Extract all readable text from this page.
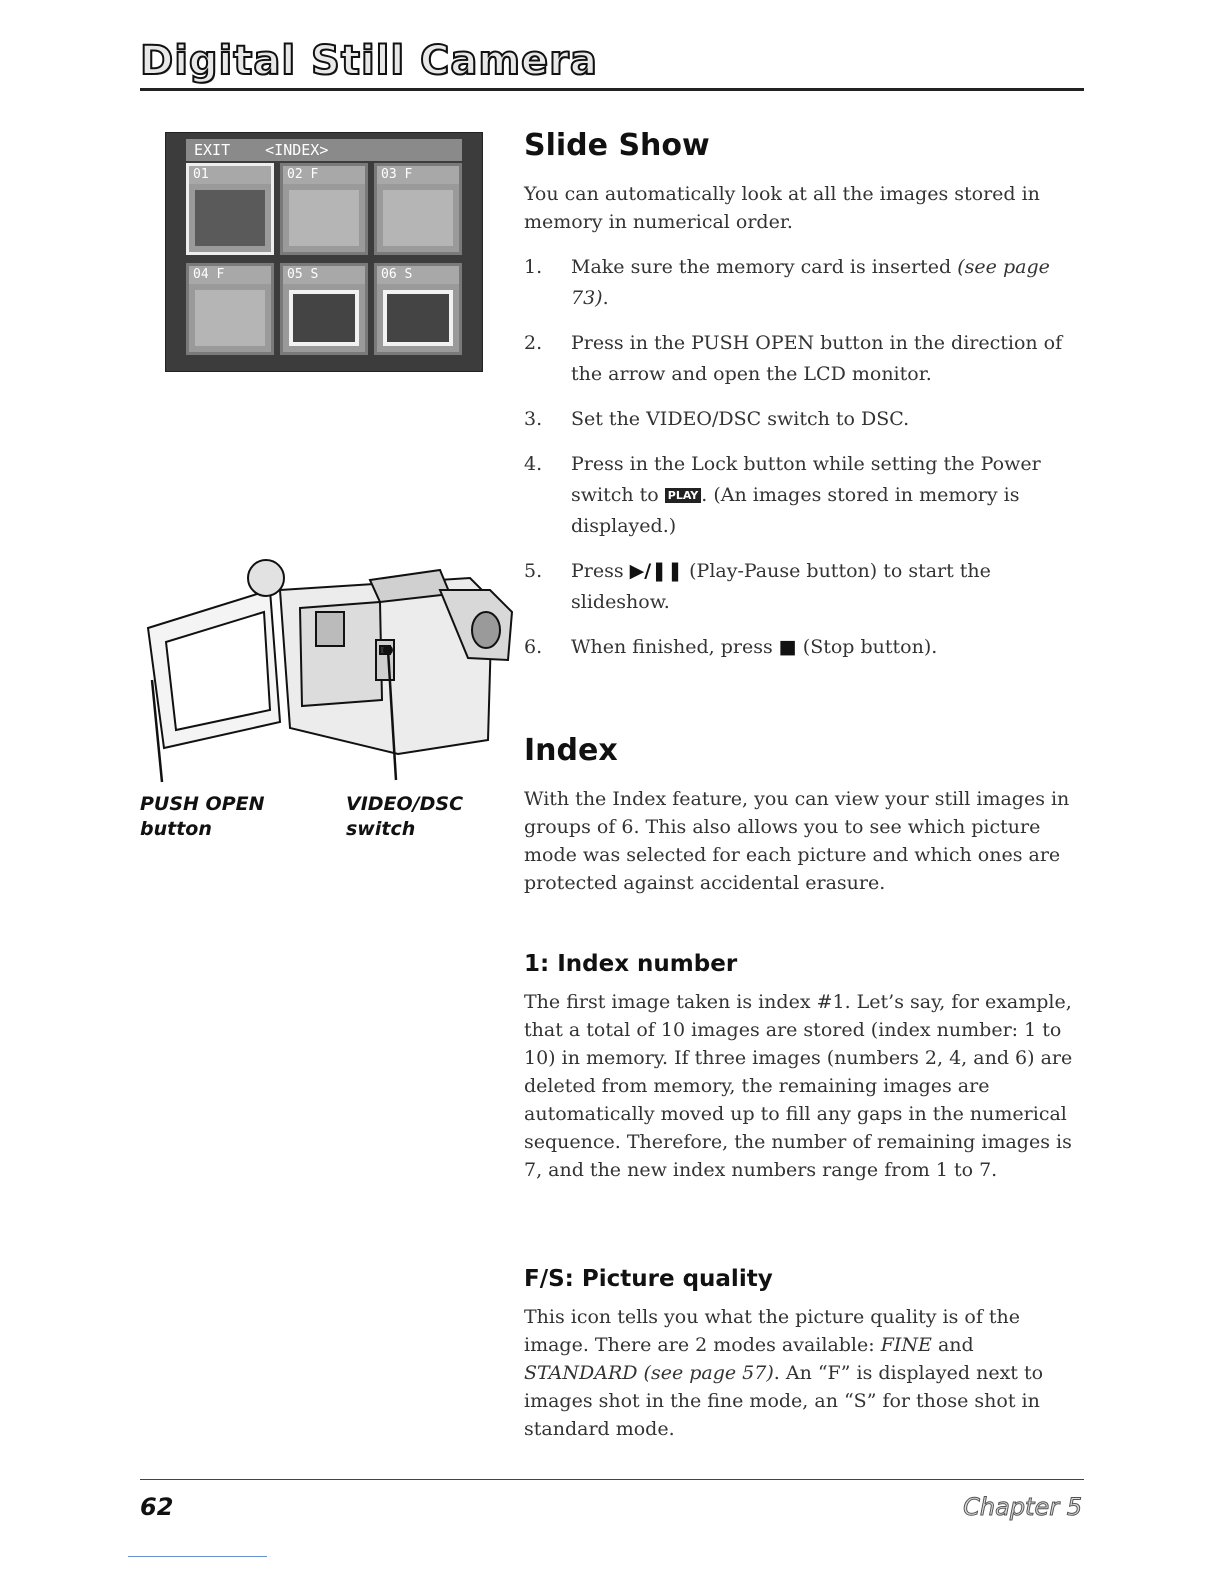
Digital Still Camera
EXIT <INDEX>
01	02 F	03 F
04 F	05 S	06 S
PUSH OPEN
button
VIDEO/DSC
switch
Slide Show

You can automatically look at all the images stored in memory in numerical order.

1. Make sure the memory card is inserted (see page 73).
2. Press in the PUSH OPEN button in the direction of the arrow and open the LCD monitor.
3. Set the VIDEO/DSC switch to DSC.
4. Press in the Lock button while setting the Power switch to PLAY . (An images stored in memory is displayed.)
5. Press ▶/❚❚ (Play-Pause button) to start the slideshow.
6. When finished, press ■ (Stop button).
Index

With the Index feature, you can view your still images in groups of 6. This also allows you to see which picture mode was selected for each picture and which ones are protected against accidental erasure.

1: Index number

The first image taken is index #1. Let’s say, for example, that a total of 10 images are stored (index number: 1 to 10) in memory. If three images (numbers 2, 4, and 6) are deleted from memory, the remaining images are automatically moved up to fill any gaps in the numerical sequence. Therefore, the number of remaining images is 7, and the new index numbers range from 1 to 7.

F/S: Picture quality

This icon tells you what the picture quality is of the image. There are 2 modes available: FINE and STANDARD (see page 57). An “F” is displayed next to images shot in the fine mode, an “S” for those shot in standard mode.

62	Chapter 5
